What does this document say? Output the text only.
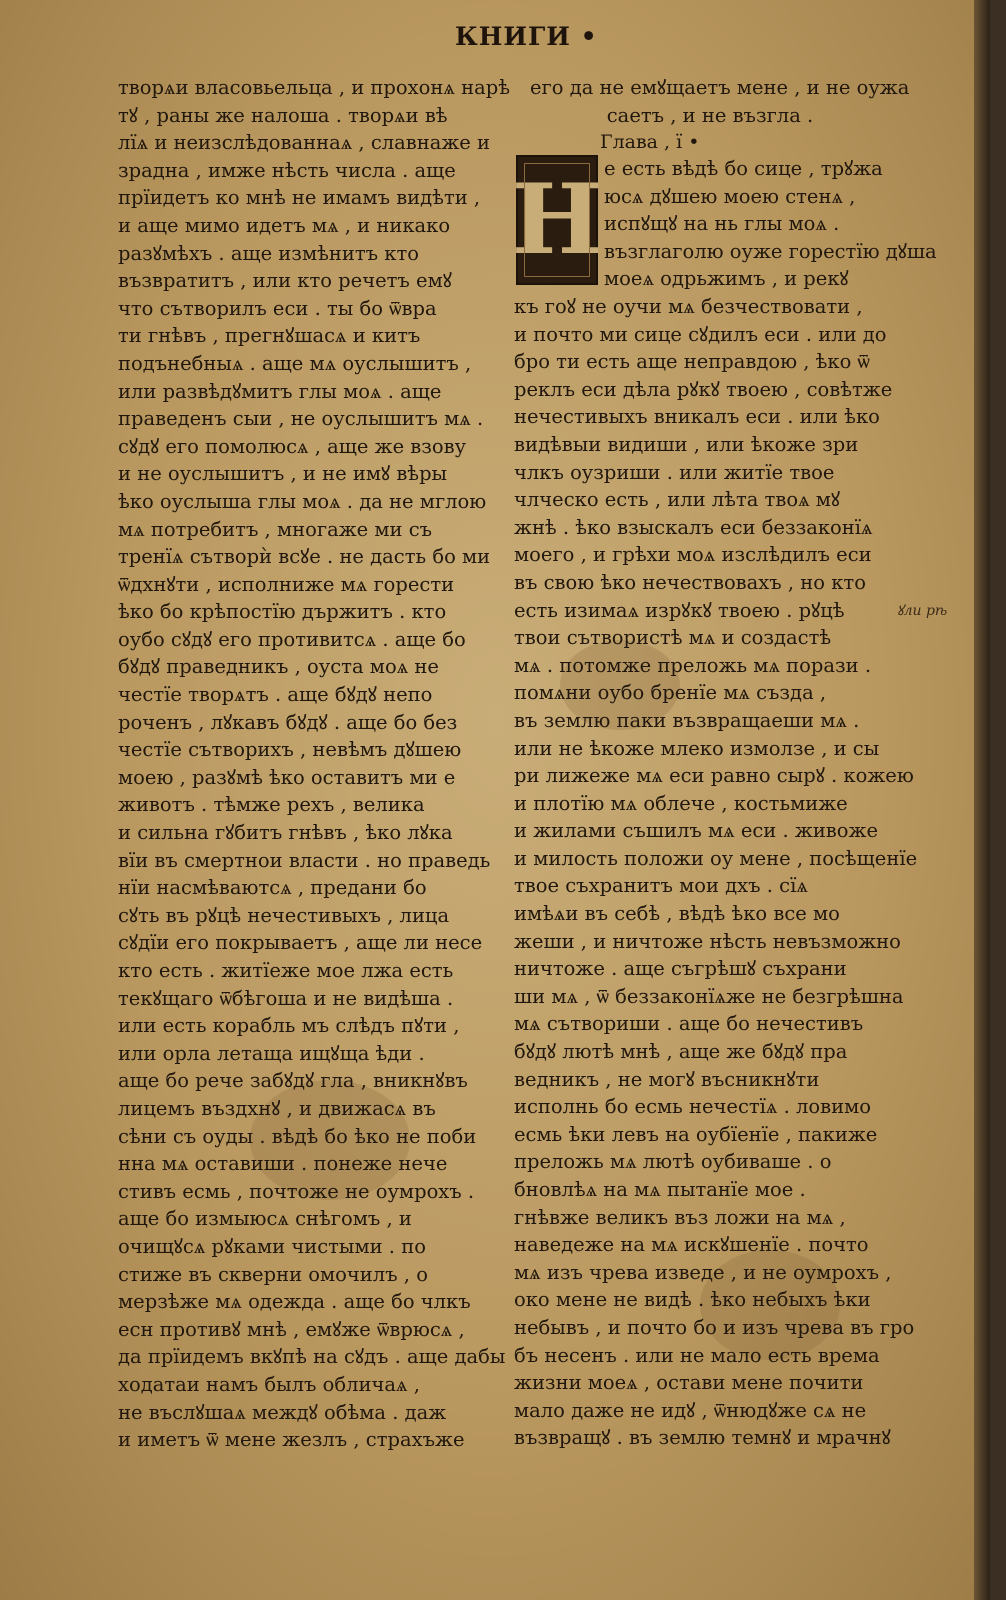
КНИГИ •
творѧи власовьельца , и прохонѧ нарѣ
тꙋ , раны же налоша . творѧи вѣ
лїѧ и неизслѣдованнаѧ , славнаже и
зрадна , имже нѣсть числа . аще
прїидетъ ко мнѣ не имамъ видѣти ,
и аще мимо идетъ мѧ , и никако
разꙋмѣхъ . аще измѣнитъ кто
възвратитъ , или кто речетъ емꙋ
что сътворилъ еси . ты бо ѿвра
ти гнѣвъ , прегнꙋшасѧ и китъ
подънебныѧ . аще мѧ оуслышитъ ,
или развѣдꙋмитъ глы моѧ . аще
праведенъ сыи , не оуслышитъ мѧ .
сꙋдꙋ его помолюсѧ , аще же взову
и не оуслышитъ , и не имꙋ вѣры
ѣко оуслыша глы моѧ . да не мглою
мѧ потребитъ , многаже ми съ
тренїѧ сътворѝ всꙋе . не дасть бо ми
ѿдхнꙋти , исполниже мѧ горести
ѣко бо крѣпостїю държитъ . кто
оубо сꙋдꙋ его противитсѧ . аще бо
бꙋдꙋ праведникъ , оуста моѧ не
честїе творѧтъ . аще бꙋдꙋ непо
роченъ , лꙋкавъ бꙋдꙋ . аще бо без
честїе сътворихъ , невѣмъ дꙋшею
моею , разꙋмѣ ѣко оставитъ ми е
животъ . тѣмже рехъ , велика
и сильна гꙋбитъ гнѣвъ , ѣко лꙋка
вїи въ смертнои власти . но праведь
нїи насмѣваютсѧ , предани бо
сꙋть въ рꙋцѣ нечестивыхъ , лица
сꙋдїи его покрываетъ , аще ли несе
кто есть . житїеже мое лжа есть
текꙋщаго ѿбѣгоша и не видѣша .
или есть корабль мъ слѣдъ пꙋти ,
или орла летаща ищꙋща ѣди .
аще бо рече забꙋдꙋ гла , вникнꙋвъ
лицемъ въздхнꙋ , и движасѧ въ
сѣни съ оуды . вѣдѣ бо ѣко не поби
нна мѧ оставиши . понеже нече
стивъ есмь , почтоже не оумрохъ .
аще бо измыюсѧ снѣгомъ , и
очищꙋсѧ рꙋками чистыми . по
стиже въ скверни омочилъ , о
мерзѣже мѧ одежда . аще бо члкъ
есн противꙋ мнѣ , емꙋже ѿврюсѧ ,
да прїидемъ вкꙋпѣ на сꙋдъ . аще дабы
ходатаи намъ былъ обличаѧ ,
не въслꙋшаѧ междꙋ обѣма . даж
и иметъ ѿ мене жезлъ , страхъже
его да не емꙋщаетъ мене , и не оужа
саетъ , и не възгла .
Глава , ї •
Н е есть вѣдѣ бо сице , трꙋжа
юсѧ дꙋшею моею стенѧ ,
испꙋщꙋ на нь глы моѧ .
възглаголю оуже горестїю дꙋша
моеѧ одрьжимъ , и рекꙋ
къ гоꙋ не оучи мѧ безчествовати ,
и почто ми сице сꙋдилъ еси . или до
бро ти есть аще неправдою , ѣко ѿ
реклъ еси дѣла рꙋкꙋ твоею , совѣтже
нечестивыхъ вникалъ еси . или ѣко
видѣвыи видиши , или ѣкоже зри
члкъ оузриши . или житїе твое
члческо есть , или лѣта твоѧ мꙋ
жнѣ . ѣко взыскалъ еси беззаконїѧ
моего , и грѣхи моѧ изслѣдилъ еси
въ свою ѣко нечествовахъ , но кто
есть изимаѧ изрꙋкꙋ твоею . рꙋцѣ
твои сътвористѣ мѧ и создастѣ
мѧ . потомже преложь мѧ порази .
помѧни оубо бренїе мѧ създа ,
въ землю паки възвращаеши мѧ .
или не ѣкоже млеко измолзе , и сы
ри лижеже мѧ еси равно сырꙋ . кожею
и плотїю мѧ облече , костьмиже
и жилами съшилъ мѧ еси . живоже
и милость положи оу мене , посѣщенїе
твое съхранитъ мои дхъ . сїѧ
имѣѧи въ себѣ , вѣдѣ ѣко все мо
жеши , и ничтоже нѣсть невъзможно
ничтоже . аще съгрѣшꙋ съхрани
ши мѧ , ѿ беззаконїѧже не безгрѣшна
мѧ сътвориши . аще бо нечестивъ
бꙋдꙋ лютѣ мнѣ , аще же бꙋдꙋ пра
ведникъ , не могꙋ въсникнꙋти
исполнь бо есмь нечестїѧ . ловимо
есмь ѣки левъ на оубїенїе , пакиже
преложь мѧ лютѣ оубиваше . о
бновлѣѧ на мѧ пытанїе мое .
гнѣвже великъ въз ложи на мѧ ,
наведеже на мѧ искꙋшенїе . почто
мѧ изъ чрева изведе , и не оумрохъ ,
око мене не видѣ . ѣко небыхъ ѣки
небывъ , и почто бо и изъ чрева въ гро
бъ несенъ . или не мало есть врема
жизни моеѧ , остави мене почити
мало даже не идꙋ , ѿнюдꙋже сѧ не
възвращꙋ . въ землю темнꙋ и мрачнꙋ
ꙋли рѣ
